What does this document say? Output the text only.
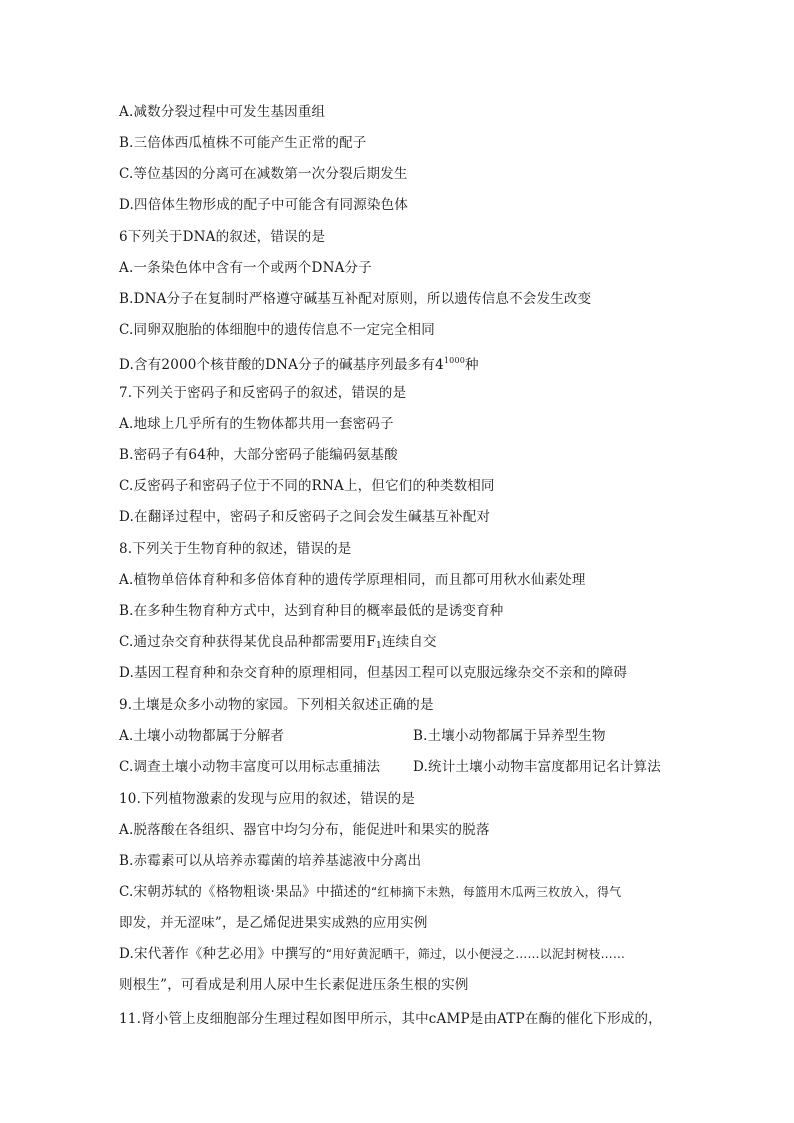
A.减数分裂过程中可发生基因重组
B.三倍体西瓜植株不可能产生正常的配子
C.等位基因的分离可在减数第一次分裂后期发生
D.四倍体生物形成的配子中可能含有同源染色体
6下列关于DNA的叙述，错误的是
A.一条染色体中含有一个或两个DNA分子
B.DNA分子在复制时严格遵守碱基互补配对原则，所以遗传信息不会发生改变
C.同卵双胞胎的体细胞中的遗传信息不一定完全相同
D.含有2000个核苷酸的DNA分子的碱基序列最多有$4^{1000}$种
7.下列关于密码子和反密码子的叙述，错误的是
A.地球上几乎所有的生物体都共用一套密码子
B.密码子有64种，大部分密码子能编码氨基酸
C.反密码子和密码子位于不同的RNA上，但它们的种类数相同
D.在翻译过程中，密码子和反密码子之间会发生碱基互补配对
8.下列关于生物育种的叙述，错误的是
A.植物单倍体育种和多倍体育种的遗传学原理相同，而且都可用秋水仙素处理
B.在多种生物育种方式中，达到育种目的概率最低的是诱变育种
C.通过杂交育种获得某优良品种都需要用$F_1$连续自交
D.基因工程育种和杂交育种的原理相同，但基因工程可以克服远缘杂交不亲和的障碍
9.土壤是众多小动物的家园。下列相关叙述正确的是
A.土壤小动物都属于分解者	B.土壤小动物都属于异养型生物
C.调查土壤小动物丰富度可以用标志重捕法 D.统计土壤小动物丰富度都用记名计算法
10.下列植物激素的发现与应用的叙述，错误的是
A.脱落酸在各组织、器官中均匀分布，能促进叶和果实的脱落
B.赤霉素可以从培养赤霉菌的培养基滤液中分离出
C.宋朝苏轼的《格物粗谈·果品》中描述的“红柿摘下未熟，每篮用木瓜两三枚放入，得气
即发，并无涩味”，是乙烯促进果实成熟的应用实例
D.宋代著作《种艺必用》中撰写的“用好黄泥晒干，筛过，以小便浸之……以泥封树枝……
则根生”，可看成是利用人尿中生长素促进压条生根的实例
11.肾小管上皮细胞部分生理过程如图甲所示，其中cAMP是由ATP在酶的催化下形成的，
